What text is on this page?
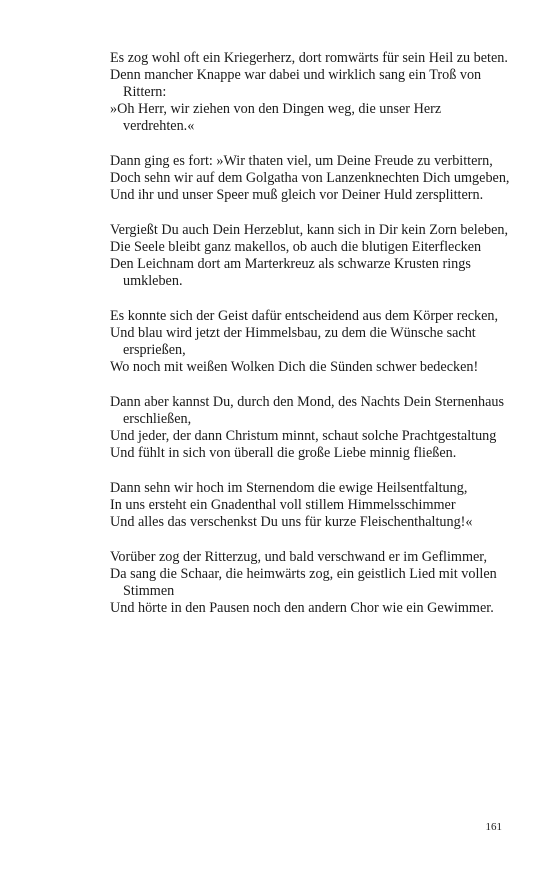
Es zog wohl oft ein Kriegerherz, dort romwärts für sein Heil zu beten.
Denn mancher Knappe war dabei und wirklich sang ein Troß von Rittern:
»Oh Herr, wir ziehen von den Dingen weg, die unser Herz verdrehten.«
Dann ging es fort: »Wir thaten viel, um Deine Freude zu verbittern,
Doch sehn wir auf dem Golgatha von Lanzenknechten Dich umgeben,
Und ihr und unser Speer muß gleich vor Deiner Huld zersplittern.
Vergießt Du auch Dein Herzeblut, kann sich in Dir kein Zorn beleben,
Die Seele bleibt ganz makellos, ob auch die blutigen Eiterflecken
Den Leichnam dort am Marterkreuz als schwarze Krusten rings umkleben.
Es konnte sich der Geist dafür entscheidend aus dem Körper recken,
Und blau wird jetzt der Himmelsbau, zu dem die Wünsche sacht ersprießen,
Wo noch mit weißen Wolken Dich die Sünden schwer bedecken!
Dann aber kannst Du, durch den Mond, des Nachts Dein Sternenhaus erschließen,
Und jeder, der dann Christum minnt, schaut solche Prachtgestaltung
Und fühlt in sich von überall die große Liebe minnig fließen.
Dann sehn wir hoch im Sternendom die ewige Heilsentfaltung,
In uns ersteht ein Gnadenthal voll stillem Himmelsschimmer
Und alles das verschenkst Du uns für kurze Fleischenthaltung!«
Vorüber zog der Ritterzug, und bald verschwand er im Geflimmer,
Da sang die Schaar, die heimwärts zog, ein geistlich Lied mit vollen Stimmen
Und hörte in den Pausen noch den andern Chor wie ein Gewimmer.
161
